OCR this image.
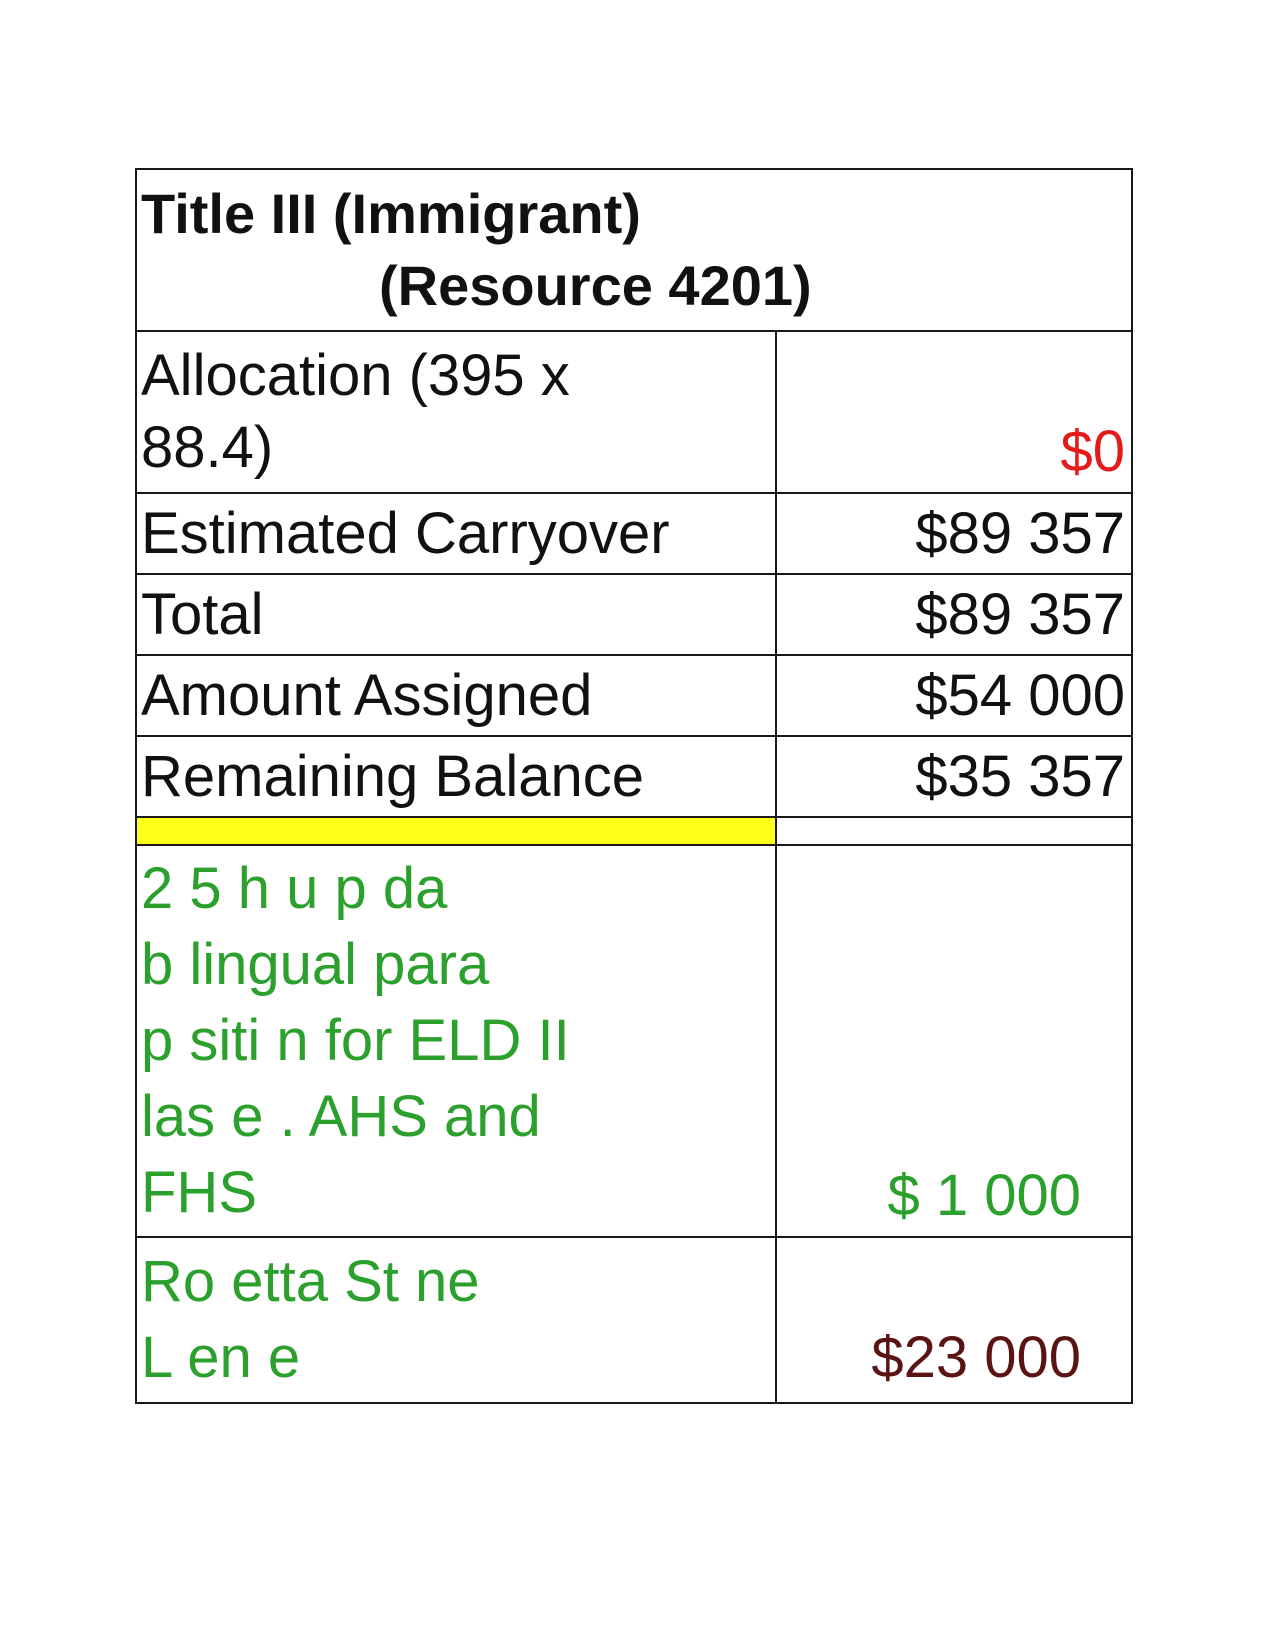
Title III (Immigrant)
(Resource 4201)	

Allocation (395 x
88.4)	$0
Estimated Carryover	$89 357
Total	$89 357
Amount Assigned	$54 000
Remaining Balance	$35 357

2 5 h u p da
b lingual para
p siti n for ELD II
las e . AHS and
FHS	$ 1 000
Ro etta St ne
L en e	$23 000
